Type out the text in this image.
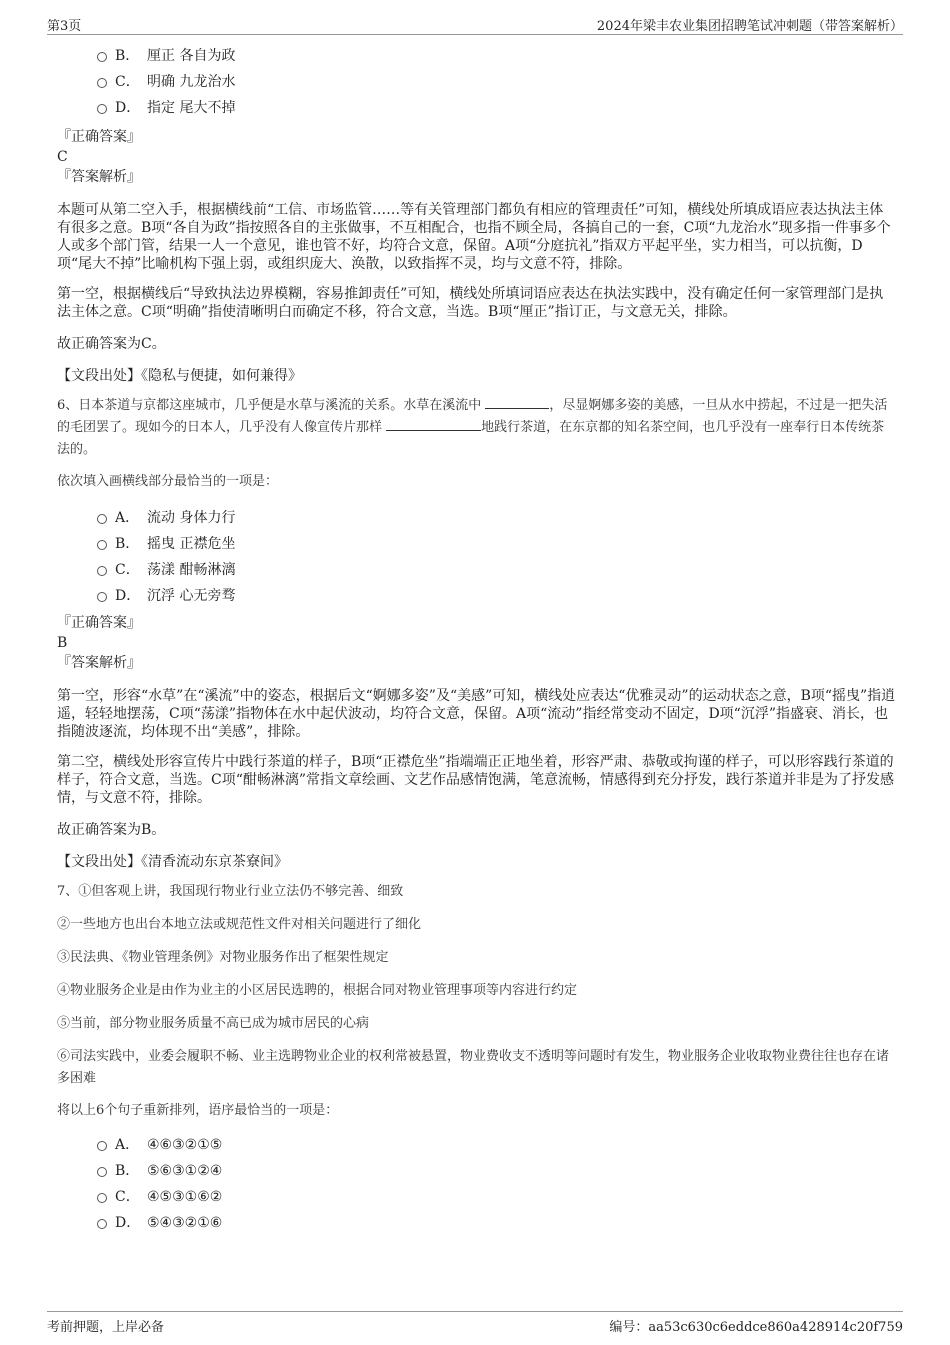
第3页	2024年梁丰农业集团招聘笔试冲刺题（带答案解析）
B． 厘正 各自为政
C． 明确 九龙治水
D． 指定 尾大不掉
『正确答案』
C
『答案解析』

本题可从第二空入手，根据横线前“工信、市场监管……等有关管理部门都负有相应的管理责任”可知，横线处所填成语应表达执法主体有很多之意。B项“各自为政”指按照各自的主张做事，不互相配合，也指不顾全局，各搞自己的一套，C项“九龙治水”现多指一件事多个人或多个部门管，结果一人一个意见，谁也管不好，均符合文意，保留。A项“分庭抗礼”指双方平起平坐，实力相当，可以抗衡，D项“尾大不掉”比喻机构下强上弱，或组织庞大、涣散，以致指挥不灵，均与文意不符，排除。

第一空，根据横线后“导致执法边界模糊，容易推卸责任”可知，横线处所填词语应表达在执法实践中，没有确定任何一家管理部门是执法主体之意。C项“明确”指使清晰明白而确定不移，符合文意，当选。B项“厘正”指订正，与文意无关，排除。

故正确答案为C。

【文段出处】《隐私与便捷，如何兼得》

6、日本茶道与京都这座城市，几乎便是水草与溪流的关系。水草在溪流中	，尽显婀娜多姿的美感，一旦从水中捞起，不过是一把失活的毛团罢了。现如今的日本人，几乎没有人像宣传片那样	地践行茶道，在东京都的知名茶空间，也几乎没有一座奉行日本传统茶法的。

依次填入画横线部分最恰当的一项是：

A． 流动 身体力行
B． 摇曳 正襟危坐
C． 荡漾 酣畅淋漓
D． 沉浮 心无旁骛
『正确答案』
B
『答案解析』

第一空，形容“水草”在“溪流”中的姿态，根据后文“婀娜多姿”及“美感”可知，横线处应表达“优雅灵动”的运动状态之意，B项“摇曳”指逍遥，轻轻地摆荡，C项“荡漾”指物体在水中起伏波动，均符合文意，保留。A项“流动”指经常变动不固定，D项“沉浮”指盛衰、消长，也指随波逐流，均体现不出“美感”，排除。

第二空，横线处形容宣传片中践行茶道的样子，B项“正襟危坐”指端端正正地坐着，形容严肃、恭敬或拘谨的样子，可以形容践行茶道的样子，符合文意，当选。C项“酣畅淋漓”常指文章绘画、文艺作品感情饱满，笔意流畅，情感得到充分抒发，践行茶道并非是为了抒发感情，与文意不符，排除。

故正确答案为B。

【文段出处】《清香流动东京茶寮间》

7、①但客观上讲，我国现行物业行业立法仍不够完善、细致

②一些地方也出台本地立法或规范性文件对相关问题进行了细化

③民法典、《物业管理条例》对物业服务作出了框架性规定

④物业服务企业是由作为业主的小区居民选聘的，根据合同对物业管理事项等内容进行约定

⑤当前，部分物业服务质量不高已成为城市居民的心病

⑥司法实践中，业委会履职不畅、业主选聘物业企业的权利常被悬置，物业费收支不透明等问题时有发生，物业服务企业收取物业费往往也存在诸多困难

将以上6个句子重新排列，语序最恰当的一项是：

A． ④⑥③②①⑤
B． ⑤⑥③①②④
C． ④⑤③①⑥②
D． ⑤④③②①⑥
考前押题，上岸必备	编号：aa53c630c6eddce860a428914c20f759
